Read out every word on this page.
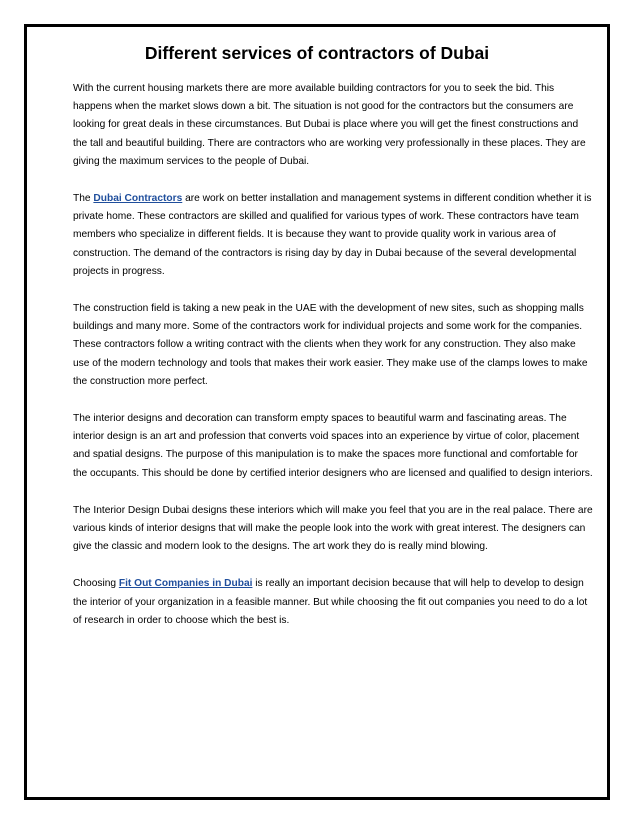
Different services of contractors of Dubai

With the current housing markets there are more available building contractors for you to seek the bid. This happens when the market slows down a bit. The situation is not good for the contractors but the consumers are looking for great deals in these circumstances. But Dubai is place where you will get the finest constructions and the tall and beautiful building. There are contractors who are working very professionally in these places. They are giving the maximum services to the people of Dubai.

The Dubai Contractors are work on better installation and management systems in different condition whether it is private home. These contractors are skilled and qualified for various types of work. These contractors have team members who specialize in different fields. It is because they want to provide quality work in various area of construction. The demand of the contractors is rising day by day in Dubai because of the several developmental projects in progress.

The construction field is taking a new peak in the UAE with the development of new sites, such as shopping malls buildings and many more. Some of the contractors work for individual projects and some work for the companies. These contractors follow a writing contract with the clients when they work for any construction. They also make use of the modern technology and tools that makes their work easier. They make use of the clamps lowes to make the construction more perfect.

The interior designs and decoration can transform empty spaces to beautiful warm and fascinating areas. The interior design is an art and profession that converts void spaces into an experience by virtue of color, placement and spatial designs. The purpose of this manipulation is to make the spaces more functional and comfortable for the occupants. This should be done by certified interior designers who are licensed and qualified to design interiors.

The Interior Design Dubai designs these interiors which will make you feel that you are in the real palace. There are various kinds of interior designs that will make the people look into the work with great interest. The designers can give the classic and modern look to the designs. The art work they do is really mind blowing.

Choosing Fit Out Companies in Dubai is really an important decision because that will help to develop to design the interior of your organization in a feasible manner. But while choosing the fit out companies you need to do a lot of research in order to choose which the best is.
